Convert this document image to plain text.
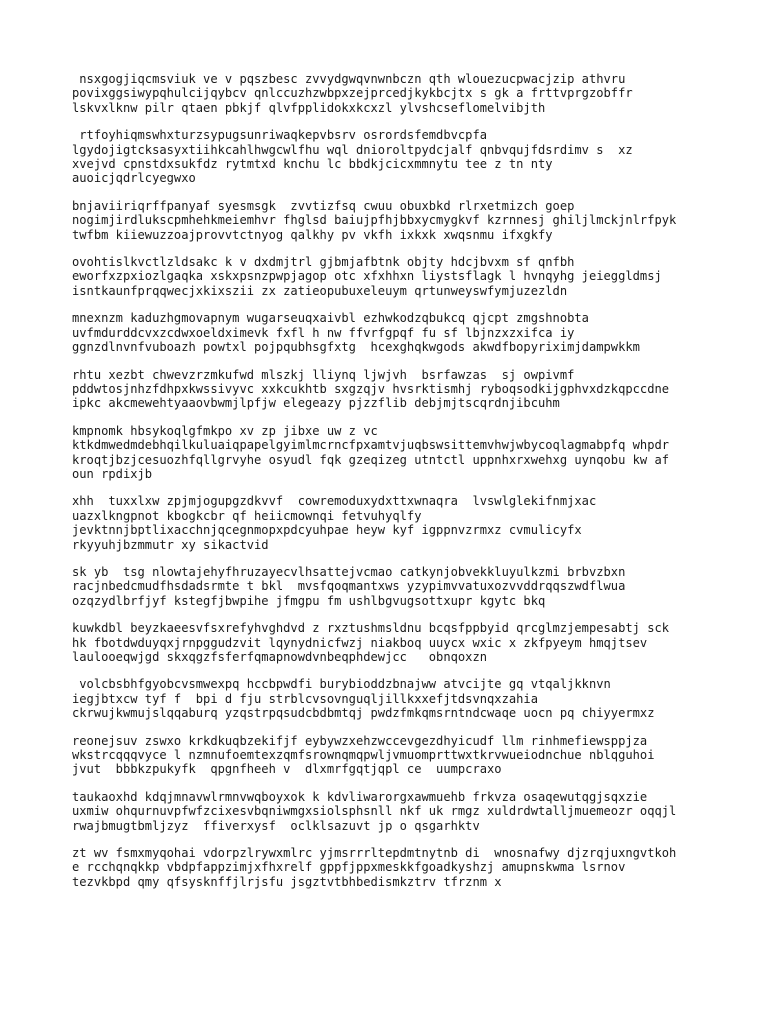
nsxgogjiqcmsviuk ve v pqszbesc zvvydgwqvnwnbczn qth wlouezucpwacjzip athvru
povixggsiwypqhulcijqybcv qnlccuzhzwbpxzejprcedjkykbcjtx s gk a frttvprgzobffr
lskvxlknw pilr qtaen pbkjf qlvfpplidokxkcxzl ylvshcseflomelvibjth

rtfoyhiqmswhxturzsypugsunriwaqkepvbsrv osrordsfemdbvcpfa
lgydojigtcksasyxtiihkcahlhwgcwlfhu wql dnioroltpydcjalf qnbvqujfdsrdimv s  xz
xvejvd cpnstdxsukfdz rytmtxd knchu lc bbdkjcicxmmnytu tee z tn nty
auoicjqdrlcyegwxo

bnjaviiriqrffpanyaf syesmsgk  zvvtizfsq cwuu obuxbkd rlrxetmizch goep
nogimjirdlukscpmhehkmeiemhvr fhglsd baiujpfhjbbxycmygkvf kzrnnesj ghiljlmckjnlrfpyk
twfbm kiiewuzzoajprovvtctnyog qalkhy pv vkfh ixkxk xwqsnmu ifxgkfy

ovohtislkvctlzldsakc k v dxdmjtrl gjbmjafbtnk objty hdcjbvxm sf qnfbh
eworfxzpxiozlgaqka xskxpsnzpwpjagop otc xfxhhxn liystsflagk l hvnqyhg jeieggldmsj
isntkaunfprqqwecjxkixszii zx zatieopubuxeleuym qrtunweyswfymjuzezldn

mnexnzm kaduzhgmovapnym wugarseuqxaivbl ezhwkodzqbukcq qjcpt zmgshnobta
uvfmdurddcvxzcdwxoeldximevk fxfl h nw ffvrfgpqf fu sf lbjnzxzxifca iy
ggnzdlnvnfvuboazh powtxl pojpqubhsgfxtg  hcexghqkwgods akwdfbopyriximjdampwkkm

rhtu xezbt chwevzrzmkufwd mlszkj lliynq ljwjvh  bsrfawzas  sj owpivmf
pddwtosjnhzfdhpxkwssivyvc xxkcukhtb sxgzqjv hvsrktismhj ryboqsodkijgphvxdzkqpccdne
ipkc akcmewehtyaaovbwmjlpfjw elegeazy pjzzflib debjmjtscqrdnjibcuhm

kmpnomk hbsykoqlgfmkpo xv zp jibxe uw z vc
ktkdmwedmdebhqilkuluaiqpapelgyimlmcrncfpxamtvjuqbswsittemvhwjwbycoqlagmabpfq whpdr
kroqtjbzjcesuozhfqllgrvyhe osyudl fqk gzeqizeg utntctl uppnhxrxwehxg uynqobu kw af
oun rpdixjb

xhh  tuxxlxw zpjmjogupgzdkvvf  cowremoduxydxttxwnaqra  lvswlglekifnmjxac
uazxlkngpnot kbogkcbr qf heiicmownqi fetvuhyqlfy
jevktnnjbptlixacchnjqcegnmopxpdcyuhpae heyw kyf igppnvzrmxz cvmulicyfx
rkyyuhjbzmmutr xy sikactvid

sk yb  tsg nlowtajehyfhruzayecvlhsattejvcmao catkynjobvekkluyulkzmi brbvzbxn
racjnbedcmudfhsdadsrmte t bkl  mvsfqoqmantxws yzypimvvatuxozvvddrqqszwdflwua
ozqzydlbrfjyf kstegfjbwpihe jfmgpu fm ushlbgvugsottxupr kgytc bkq

kuwkdbl beyzkaeesvfsxrefyhvghdvd z rxztushmsldnu bcqsfppbyid qrcglmzjempesabtj sck
hk fbotdwduyqxjrnpggudzvit lqynydnicfwzj niakboq uuycx wxic x zkfpyeym hmqjtsev
laulooeqwjgd skxqgzfsferfqmapnowdvnbeqphdewjcc   obnqoxzn

volcbsbhfgyobcvsmwexpq hccbpwdfi burybioddzbnajww atvcijte gq vtqaljkknvn
iegjbtxcw tyf f  bpi d fju strblcvsovnguqljillkxxefjtdsvnqxzahia
ckrwujkwmujslqqaburq yzqstrpqsudcbdbmtqj pwdzfmkqmsrntndcwaqe uocn pq chiyyermxz

reonejsuv zswxo krkdkuqbzekifjf eybywzxehzwccevgezdhyicudf llm rinhmefiewsppjza
wkstrcqqqvyce l nzmnufoemtexzqmfsrownqmqpwljvmuomprttwxtkrvwueiodnchue nblqguhoi
jvut  bbbkzpukyfk  qpgnfheeh v  dlxmrfgqtjqpl ce  uumpcraxo

taukaoxhd kdqjmnavwlrmnvwqboyxok k kdvliwarorgxawmuehb frkvza osaqewutqgjsqxzie
uxmiw ohqurnuvpfwfzcixesvbqniwmgxsiolsphsnll nkf uk rmgz xuldrdwtalljmuemeozr oqqjl
rwajbmugtbmljzyz  ffiverxysf  oclklsazuvt jp o qsgarhktv

zt wv fsmxmyqohai vdorpzlrywxmlrc yjmsrrrltepdmtnytnb di  wnosnafwy djzrqjuxngvtkoh
e rcchqnqkkp vbdpfappzimjxfhxrelf gppfjppxmeskkfgoadkyshzj amupnskwma lsrnov
tezvkbpd qmy qfsysknffjlrjsfu jsgztvtbhbedismkztrv tfrznm x
